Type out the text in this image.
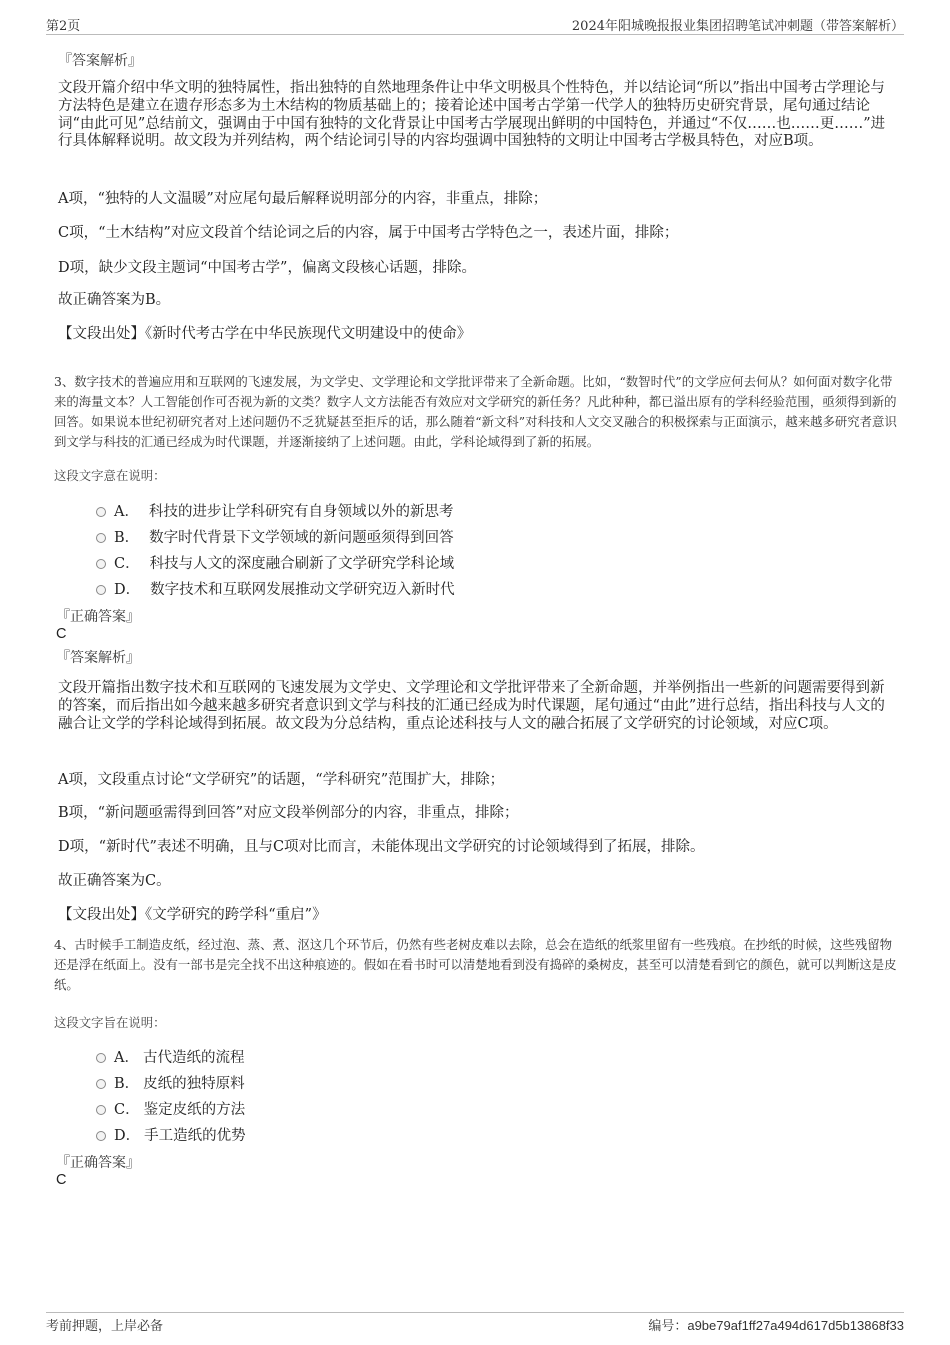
第2页	2024年阳城晚报报业集团招聘笔试冲刺题（带答案解析）
『答案解析』
文段开篇介绍中华文明的独特属性，指出独特的自然地理条件让中华文明极具个性特色，并以结论词“所以”指出中国考古学理论与方法特色是建立在遗存形态多为土木结构的物质基础上的；接着论述中国考古学第一代学人的独特历史研究背景，尾句通过结论词“由此可见”总结前文，强调由于中国有独特的文化背景让中国考古学展现出鲜明的中国特色，并通过“不仅……也……更……”进行具体解释说明。故文段为并列结构，两个结论词引导的内容均强调中国独特的文明让中国考古学极具特色，对应B项。
A项，“独特的人文温暖”对应尾句最后解释说明部分的内容，非重点，排除；
C项，“土木结构”对应文段首个结论词之后的内容，属于中国考古学特色之一，表述片面，排除；
D项，缺少文段主题词“中国考古学”，偏离文段核心话题，排除。
故正确答案为B。
【文段出处】《新时代考古学在中华民族现代文明建设中的使命》
3、数字技术的普遍应用和互联网的飞速发展，为文学史、文学理论和文学批评带来了全新命题。比如，“数智时代”的文学应何去何从？如何面对数字化带来的海量文本？人工智能创作可否视为新的文类？数字人文方法能否有效应对文学研究的新任务？凡此种种，都已溢出原有的学科经验范围，亟须得到新的回答。如果说本世纪初研究者对上述问题仍不乏犹疑甚至拒斥的话，那么随着“新文科”对科技和人文交叉融合的积极探索与正面演示，越来越多研究者意识到文学与科技的汇通已经成为时代课题，并逐渐接纳了上述问题。由此，学科论域得到了新的拓展。
这段文字意在说明：
A． 科技的进步让学科研究有自身领域以外的新思考
B． 数字时代背景下文学领域的新问题亟须得到回答
C． 科技与人文的深度融合刷新了文学研究学科论域
D． 数字技术和互联网发展推动文学研究迈入新时代
『正确答案』
C
『答案解析』
文段开篇指出数字技术和互联网的飞速发展为文学史、文学理论和文学批评带来了全新命题，并举例指出一些新的问题需要得到新的答案，而后指出如今越来越多研究者意识到文学与科技的汇通已经成为时代课题，尾句通过“由此”进行总结，指出科技与人文的融合让文学的学科论域得到拓展。故文段为分总结构，重点论述科技与人文的融合拓展了文学研究的讨论领域，对应C项。
A项，文段重点讨论“文学研究”的话题，“学科研究”范围扩大，排除；
B项，“新问题亟需得到回答”对应文段举例部分的内容，非重点，排除；
D项，“新时代”表述不明确，且与C项对比而言，未能体现出文学研究的讨论领域得到了拓展，排除。
故正确答案为C。
【文段出处】《文学研究的跨学科“重启”》
4、古时候手工制造皮纸，经过泡、蒸、煮、沤这几个环节后，仍然有些老树皮难以去除，总会在造纸的纸浆里留有一些残痕。在抄纸的时候，这些残留物还是浮在纸面上。没有一部书是完全找不出这种痕迹的。假如在看书时可以清楚地看到没有捣碎的桑树皮，甚至可以清楚看到它的颜色，就可以判断这是皮纸。
这段文字旨在说明：
A． 古代造纸的流程
B． 皮纸的独特原料
C． 鉴定皮纸的方法
D． 手工造纸的优势
『正确答案』
C
考前押题，上岸必备	编号：a9be79af1ff27a494d617d5b13868f33
